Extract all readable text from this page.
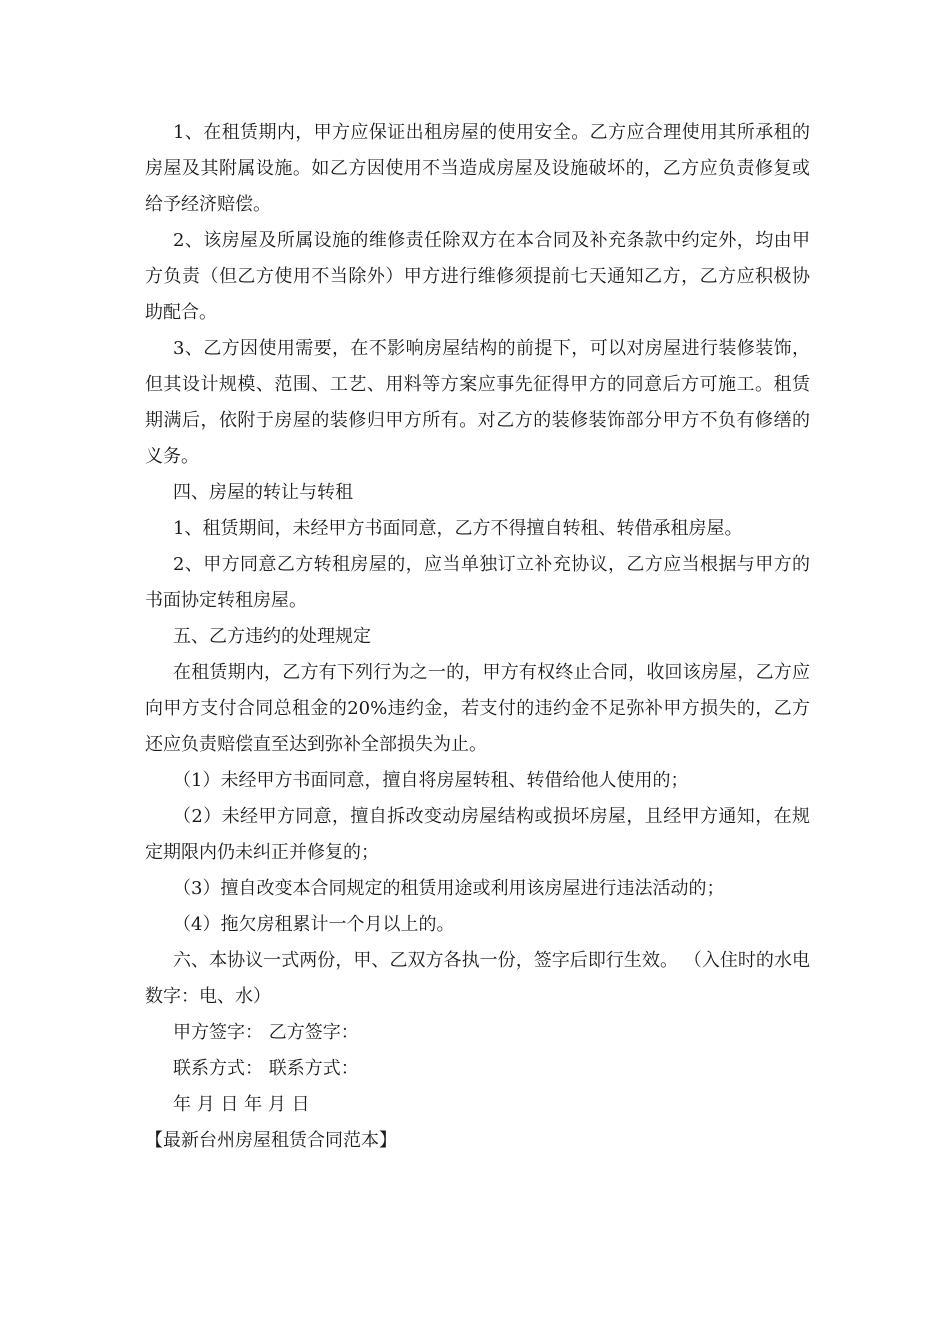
1、在租赁期内，甲方应保证出租房屋的使用安全。乙方应合理使用其所承租的房屋及其附属设施。如乙方因使用不当造成房屋及设施破坏的，乙方应负责修复或给予经济赔偿。

2、该房屋及所属设施的维修责任除双方在本合同及补充条款中约定外，均由甲方负责（但乙方使用不当除外）甲方进行维修须提前七天通知乙方，乙方应积极协助配合。

3、乙方因使用需要，在不影响房屋结构的前提下，可以对房屋进行装修装饰，但其设计规模、范围、工艺、用料等方案应事先征得甲方的同意后方可施工。租赁期满后，依附于房屋的装修归甲方所有。对乙方的装修装饰部分甲方不负有修缮的义务。

四、房屋的转让与转租

1、租赁期间，未经甲方书面同意，乙方不得擅自转租、转借承租房屋。

2、甲方同意乙方转租房屋的，应当单独订立补充协议，乙方应当根据与甲方的书面协定转租房屋。

五、乙方违约的处理规定

在租赁期内，乙方有下列行为之一的，甲方有权终止合同，收回该房屋，乙方应向甲方支付合同总租金的20%违约金，若支付的违约金不足弥补甲方损失的，乙方还应负责赔偿直至达到弥补全部损失为止。

（1）未经甲方书面同意，擅自将房屋转租、转借给他人使用的；

（2）未经甲方同意，擅自拆改变动房屋结构或损坏房屋，且经甲方通知，在规定期限内仍未纠正并修复的；

（3）擅自改变本合同规定的租赁用途或利用该房屋进行违法活动的；

（4）拖欠房租累计一个月以上的。

六、本协议一式两份，甲、乙双方各执一份，签字后即行生效。 （入住时的水电数字：电、水）

甲方签字： 乙方签字：

联系方式： 联系方式：

年 月 日 年 月 日

【最新台州房屋租赁合同范本】
